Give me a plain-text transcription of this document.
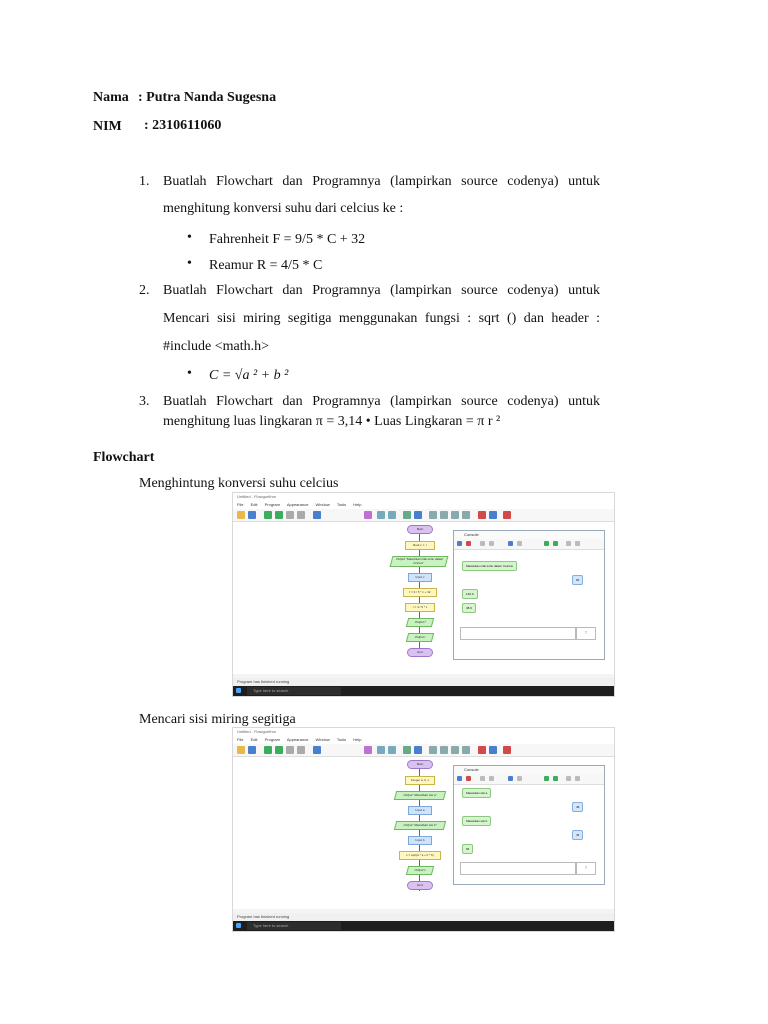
Nama : Putra Nanda Sugesna
NIM : 2310611060
1. Buatlah Flowchart dan Programnya (lampirkan source codenya) untuk
menghitung konversi suhu dari celcius ke :
• Fahrenheit F = 9/5 * C + 32
• Reamur R = 4/5 * C
2. Buatlah Flowchart dan Programnya (lampirkan source codenya) untuk
Mencari sisi miring segitiga menggunakan fungsi : sqrt () dan header :
#include <math.h>
• C = √a ² + b ²
3. Buatlah Flowchart dan Programnya (lampirkan source codenya) untuk
menghitung luas lingkaran π = 3,14 • Luas Lingkaran = π r ²
Flowchart
Menghintung konversi suhu celcius
Untitled - Flowgorithm
File Edit Program Appearance Window Tools Help
Main
Real c, f, r
Output "Masukkan nilai suhu dalam Celcius"
Input c
f = 9 / 5 * c + 32
r = 4 / 5 * c
Output f
Output r
End
Console
Masukkan nilai suhu dalam Celcius
60
140.0
48.0
↑
Program has finished running
Type here to search
Mencari sisi miring segitiga
Untitled - Flowgorithm
File Edit Program Appearance Window Tools Help
Main
Integer a, b, c
Output "Masukkan sisi a"
Input a
Output "Masukkan sisi b"
Input b
c = sqrt(a * a + b * b)
Output c
End
Console
Masukkan sisi a
48
Masukkan sisi b
45
66
↑
Program has finished running
Type here to search
